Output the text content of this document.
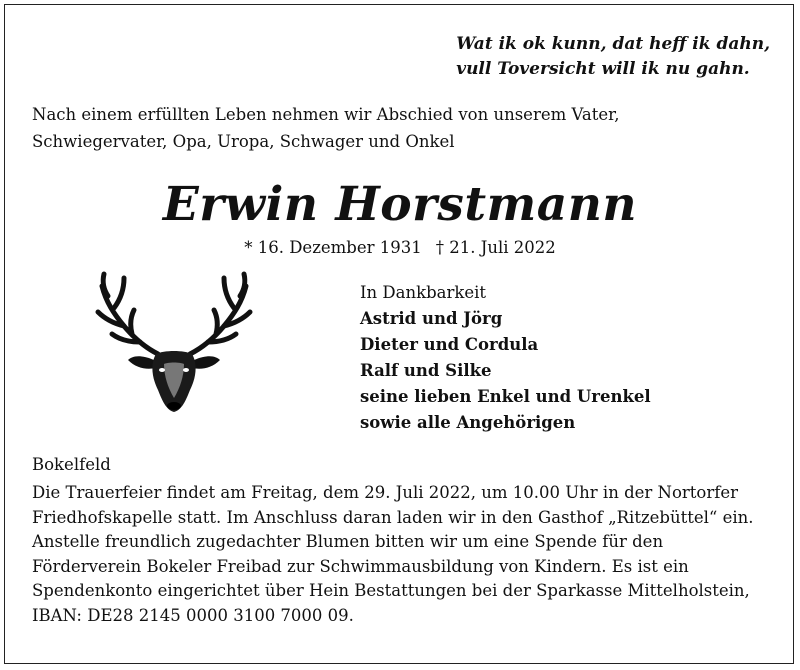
Wat ik ok kunn, dat heff ik dahn,
vull Toversicht will ik nu gahn.
Nach einem erfüllten Leben nehmen wir Abschied von unserem Vater,
Schwiegervater, Opa, Uropa, Schwager und Onkel
Erwin Horstmann
* 16. Dezember 1931 † 21. Juli 2022
In Dankbarkeit
Astrid und Jörg
Dieter und Cordula
Ralf und Silke
seine lieben Enkel und Urenkel
sowie alle Angehörigen
Bokelfeld
Die Trauerfeier findet am Freitag, dem 29. Juli 2022, um 10.00 Uhr in der Nortorfer
Friedhofskapelle statt. Im Anschluss daran laden wir in den Gasthof „Ritzebüttel“ ein.
Anstelle freundlich zugedachter Blumen bitten wir um eine Spende für den
Förderverein Bokeler Freibad zur Schwimmausbildung von Kindern. Es ist ein
Spendenkonto eingerichtet über Hein Bestattungen bei der Sparkasse Mittelholstein,
IBAN: DE28 2145 0000 3100 7000 09.
